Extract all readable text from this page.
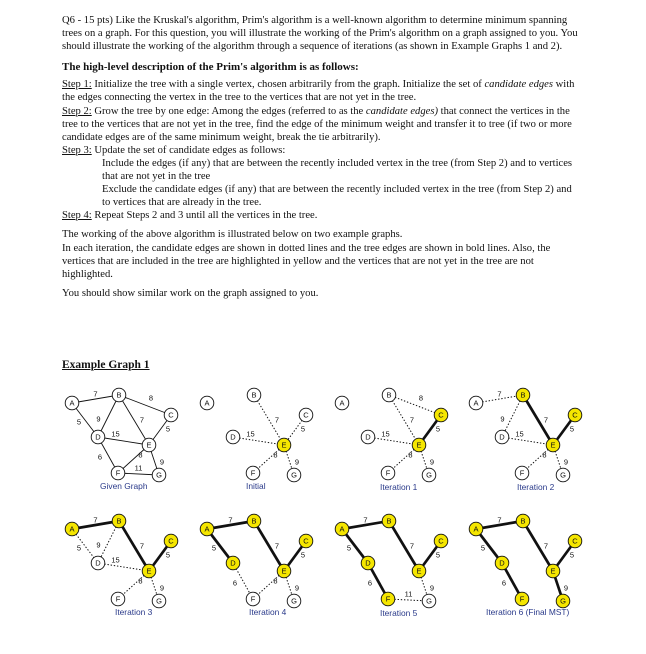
Q6 - 15 pts) Like the Kruskal's algorithm, Prim's algorithm is a well-known algorithm to determine minimum spanning trees on a graph. For this question, you will illustrate the working of the Prim's algorithm on a graph assigned to you. You should illustrate the working of the algorithm through a sequence of iterations (as shown in Example Graphs 1 and 2).

The high-level description of the Prim's algorithm is as follows:

Step 1: Initialize the tree with a single vertex, chosen arbitrarily from the graph. Initialize the set of candidate edges with the edges connecting the vertex in the tree to the vertices that are not yet in the tree.

Step 2: Grow the tree by one edge: Among the edges (referred to as the candidate edges) that connect the vertices in the tree to the vertices that are not yet in the tree, find the edge of the minimum weight and transfer it to tree (if two or more candidate edges are of the same minimum weight, break the tie arbitrarily).

Step 3: Update the set of candidate edges as follows:

Include the edges (if any) that are between the recently included vertex in the tree (from Step 2) and to vertices that are not yet in the tree

Exclude the candidate edges (if any) that are between the recently included vertex in the tree (from Step 2) and to vertices that are already in the tree.

Step 4: Repeat Steps 2 and 3 until all the vertices in the tree.

The working of the above algorithm is illustrated below on two example graphs.

In each iteration, the candidate edges are shown in dotted lines and the tree edges are shown in bold lines. Also, the vertices that are included in the tree are highlighted in yellow and the vertices that are not yet in the tree are not highlighted.

You should show similar work on the graph assigned to you.

Example Graph 1
7
5
8
9	7
5
15
6	8
9
11
A
B
C
D
E
F	G
Given Graph
7
5
15
8
9
A
B
C
D
E
F	G
Initial
8
7
5
15
8
9
A
B
C
D
E
F	G
Iteration 1
7
9	7
5
15
8
9
A
B
C
D
E
F	G
Iteration 2
7
5 9	7
5
15
8
9
A
B
C
D
E
F	G
Iteration 3
7
5	7
5
6	8
9
A
B
C
D
E
F	G
Iteration 4
7
5	7
5
6
9
11
A
B
C
D
E
F	G
Iteration 5
7
5	7
5
6
9
A
B
C
D
E
F	G
Iteration 6 (Final MST)
